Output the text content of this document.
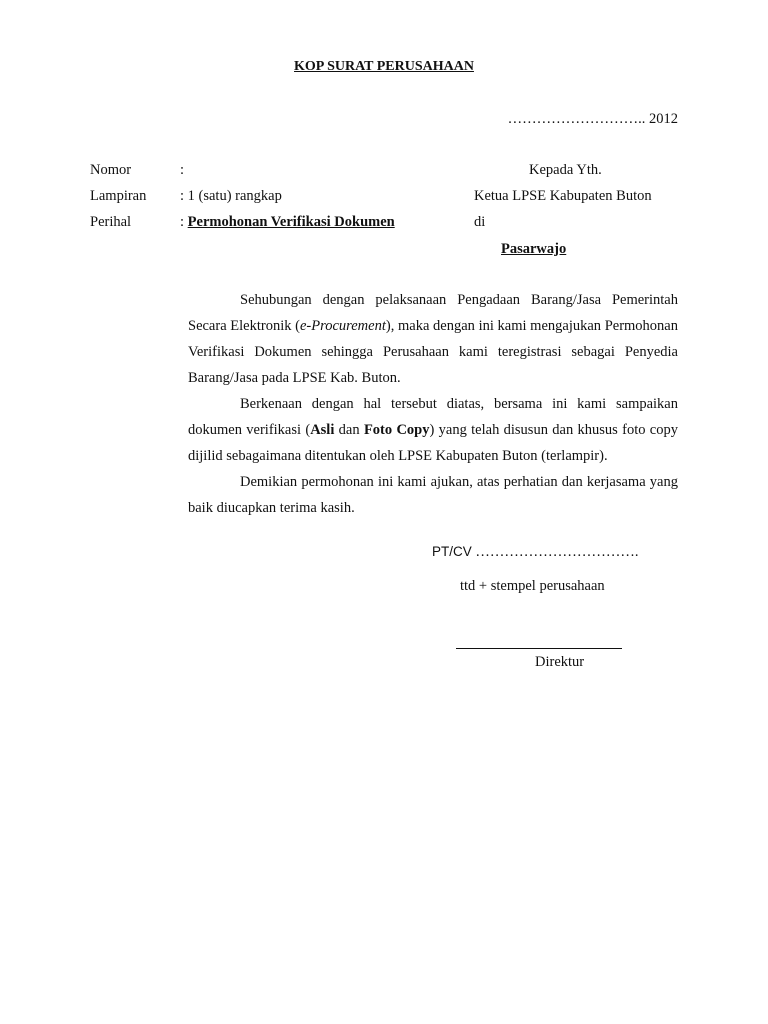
KOP SURAT PERUSAHAAN
……………………….. 2012
Nomor	:
Lampiran : 1 (satu) rangkap
Perihal	: Permohonan Verifikasi Dokumen
Kepada Yth.
Ketua LPSE Kabupaten Buton
di
Pasarwajo

Sehubungan dengan pelaksanaan Pengadaan Barang/Jasa Pemerintah Secara Elektronik (e-Procurement), maka dengan ini kami mengajukan Permohonan Verifikasi Dokumen sehingga Perusahaan kami teregistrasi sebagai Penyedia Barang/Jasa pada LPSE Kab. Buton.

Berkenaan dengan hal tersebut diatas, bersama ini kami sampaikan dokumen verifikasi (Asli dan Foto Copy) yang telah disusun dan khusus foto copy dijilid sebagaimana ditentukan oleh LPSE Kabupaten Buton (terlampir).

Demikian permohonan ini kami ajukan, atas perhatian dan kerjasama yang baik diucapkan terima kasih.

PT/CV …………………………….
ttd + stempel perusahaan
Direktur
